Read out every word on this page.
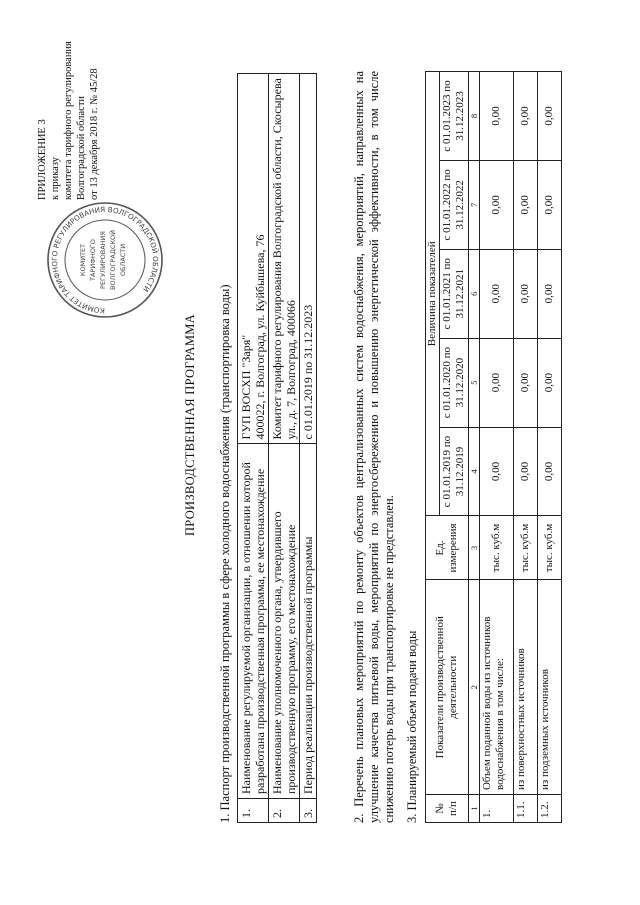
ПРИЛОЖЕНИЕ 3 к приказу комитета тарифного регулирования Волгоградской области от 13 декабря 2018 г. № 45/28
КОМИТЕТ ТАРИФНОГО РЕГУЛИРОВАНИЯ ВОЛГОГРАДСКОЙ ОБЛАСТИ
КОМИТЕТ ТАРИФНОГО РЕГУЛИРОВАНИЯ ВОЛГОГРАДСКОЙ ОБЛАСТИ
ПРОИЗВОДСТВЕННАЯ ПРОГРАММА 1. Паспорт производственной программы в сфере холодного водоснабжения (транспортировка воды) 1.	Наименование регулируемой организации, в отношении которой разработана производственная программа, ее местонахождение	ГУП ВОСХП "Заря"
400022, г. Волгоград, ул. Куйбышева, 76
2.	Наименование уполномоченного органа, утвердившего производственную программу, его местонахождение	Комитет тарифного регулирования Волгоградской области, Скосырева ул., д. 7, Волгоград, 400066
3.	Период реализации производственной программы	с 01.01.2019 по 31.12.2023	2. Перечень плановых мероприятий по ремонту объектов централизованных систем водоснабжения, мероприятий, направленных на улучшение качества питьевой воды, мероприятий по энергосбережению и повышению энергетической эффективности, в том числе снижению потерь воды при транспортировке не представлен. 3. Планируемый объем подачи воды № п/п	Показатели производственной деятельности	Ед. измерения	Величина показателей				
			с 01.01.2019 по 31.12.2019	с 01.01.2020 по 31.12.2020	с 01.01.2021 по 31.12.2021	с 01.01.2022 по 31.12.2022	с 01.01.2023 по 31.12.2023
1	2	3	4	5	6	7	8
1.	Объем поданной воды из источников водоснабжения в том числе:	тыс. куб.м	0,00	0,00	0,00	0,00	0,00
1.1.	из поверхностных источников	тыс. куб.м	0,00	0,00	0,00	0,00	0,00
1.2.	из подземных источников	тыс. куб.м	0,00	0,00	0,00	0,00	0,00
